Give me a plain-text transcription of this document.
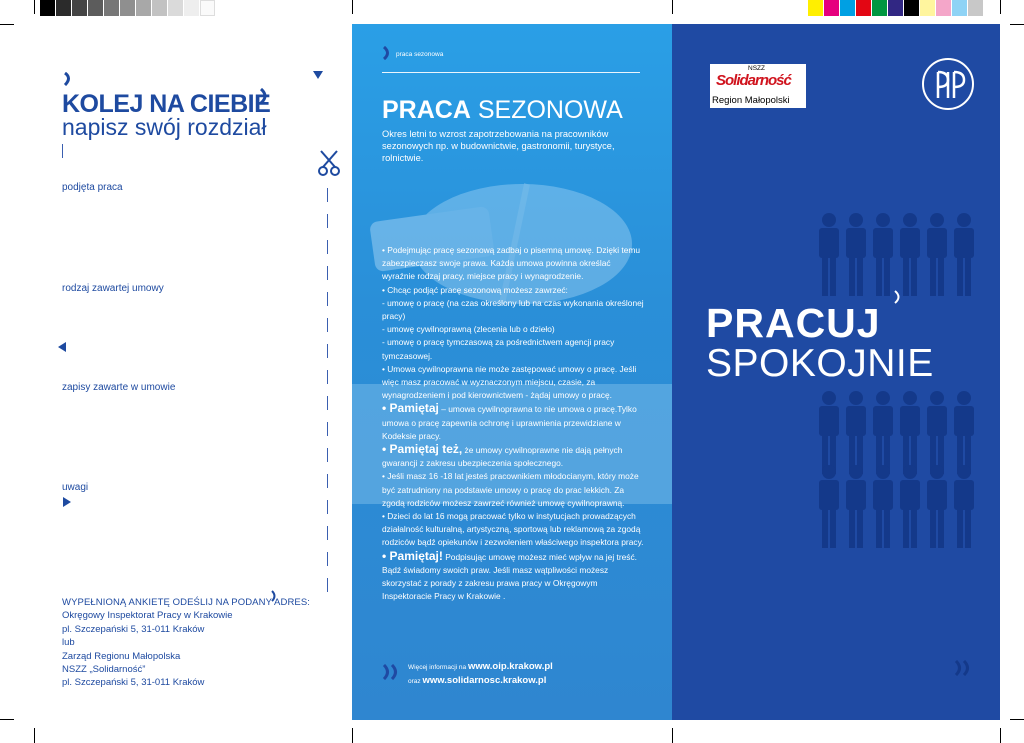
KOLEJ NA CIEBIE
napisz swój rozdział
podjęta praca
rodzaj zawartej umowy
zapisy zawarte w umowie
uwagi
WYPEŁNIONĄ ANKIETĘ ODEŚLIJ NA PODANY ADRES:
Okręgowy Inspektorat Pracy w Krakowie
pl. Szczepański 5, 31-011 Kraków
lub
Zarząd Regionu Małopolska
NSZZ „Solidarność”
pl. Szczepański 5, 31-011 Kraków
praca sezonowa
PRACA SEZONOWA
Okres letni to wzrost zapotrzebowania na pracowników sezonowych np. w budownictwie, gastronomii, turystyce, rolnictwie.

• Podejmując pracę sezonową zadbaj o pisemną umowę. Dzięki temu zabezpieczasz swoje prawa. Każda umowa powinna określać wyraźnie rodzaj pracy, miejsce pracy i wynagrodzenie.

• Chcąc podjąć pracę sezonową możesz zawrzeć:

- umowę o pracę (na czas określony lub na czas wykonania określonej pracy)

- umowę cywilnoprawną (zlecenia lub o dzieło)

- umowę o pracę tymczasową za pośrednictwem agencji pracy tymczasowej.

• Umowa cywilnoprawna nie może zastępować umowy o pracę. Jeśli więc masz pracować w wyznaczonym miejscu, czasie, za wynagrodzeniem i pod kierownictwem - żądaj umowy o pracę.

• Pamiętaj – umowa cywilnoprawna to nie umowa o pracę.Tylko umowa o pracę zapewnia ochronę i uprawnienia przewidziane w Kodeksie pracy.

• Pamiętaj też, że umowy cywilnoprawne nie dają pełnych gwarancji z zakresu ubezpieczenia społecznego.

• Jeśli masz 16 -18 lat jesteś pracownikiem młodocianym, który może być zatrudniony na podstawie umowy o pracę do prac lekkich. Za zgodą rodziców możesz zawrzeć również umowę cywilnoprawną.

• Dzieci do lat 16 mogą pracować tylko w instytucjach prowadzących działalność kulturalną, artystyczną, sportową lub reklamową za zgodą rodziców bądź opiekunów i zezwoleniem właściwego inspektora pracy.

• Pamiętaj! Podpisując umowę możesz mieć wpływ na jej treść. Bądź świadomy swoich praw. Jeśli masz wątpliwości możesz skorzystać z porady z zakresu prawa pracy w Okręgowym Inspektoracie Pracy w Krakowie .

Więcej informacji na www.oip.krakow.pl
oraz www.solidarnosc.krakow.pl
NSZZ
Solidarność
Region Małopolski
PRACUJ
SPOKOJNIE
